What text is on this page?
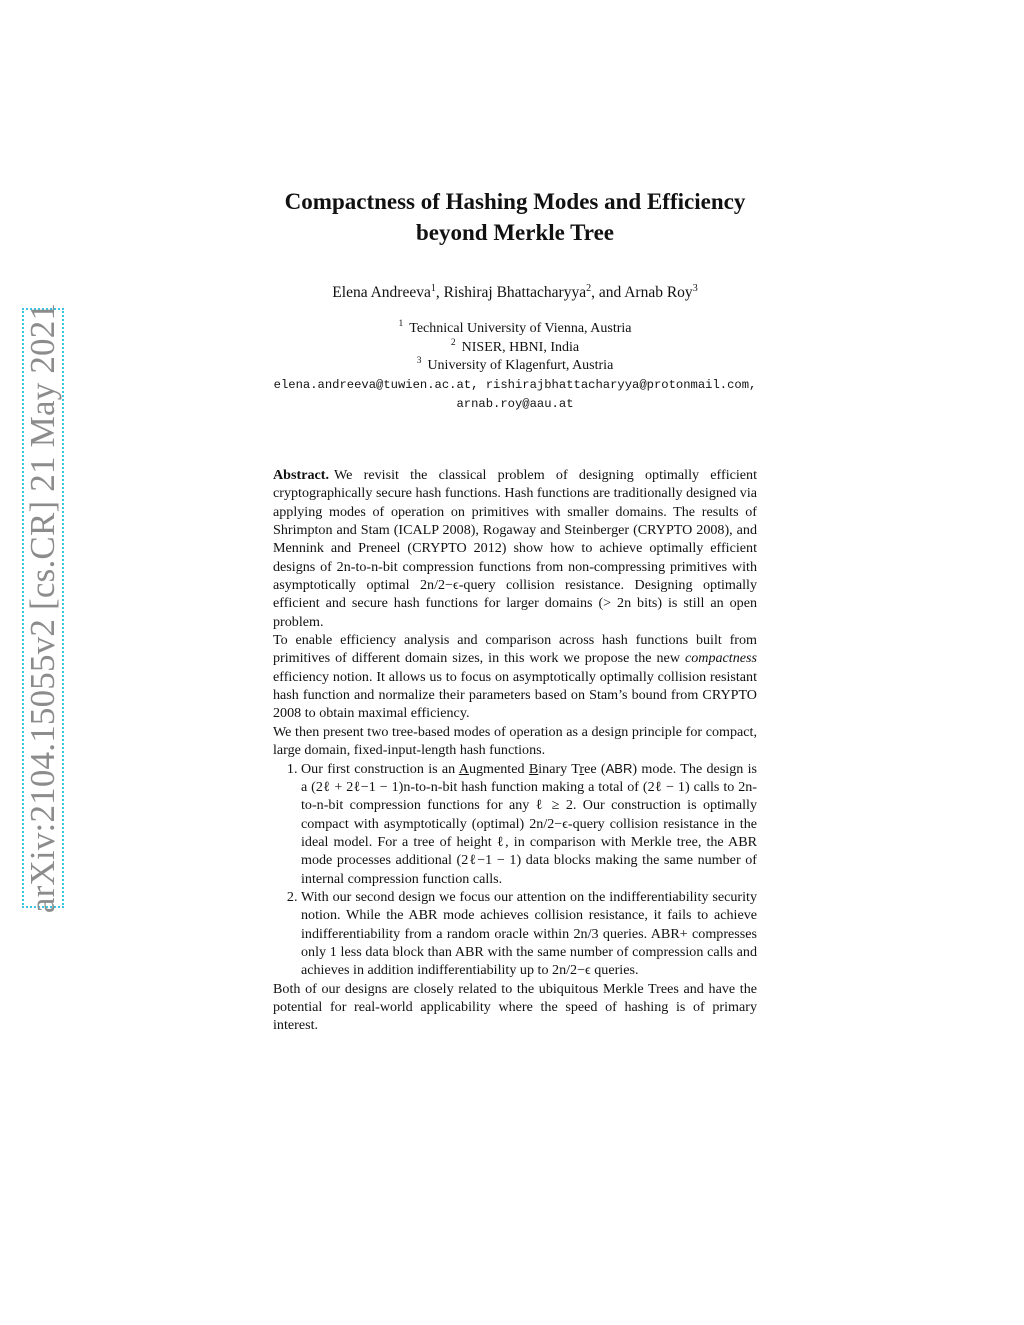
arXiv:2104.15055v2 [cs.CR] 21 May 2021
Compactness of Hashing Modes and Efficiency
beyond Merkle Tree
Elena Andreeva$^1$, Rishiraj Bhattacharyya$^2$, and Arnab Roy$^3$
$^1$ Technical University of Vienna, Austria
$^2$ NISER, HBNI, India
$^3$ University of Klagenfurt, Austria
elena.andreeva@tuwien.ac.at, rishirajbhattacharyya@protonmail.com,
arnab.roy@aau.at

Abstract. We revisit the classical problem of designing optimally efficient cryptographically secure hash functions. Hash functions are traditionally designed via applying modes of operation on primitives with smaller domains. The results of Shrimpton and Stam (ICALP 2008), Rogaway and Steinberger (CRYPTO 2008), and Mennink and Preneel (CRYPTO 2012) show how to achieve optimally efficient designs of 2n-to-n-bit compression functions from non-compressing primitives with asymptotically optimal 2n/2−ϵ-query collision resistance. Designing optimally efficient and secure hash functions for larger domains (> 2n bits) is still an open problem.

To enable efficiency analysis and comparison across hash functions built from primitives of different domain sizes, in this work we propose the new compactness efficiency notion. It allows us to focus on asymptotically optimally collision resistant hash function and normalize their parameters based on Stam’s bound from CRYPTO 2008 to obtain maximal efficiency.

We then present two tree-based modes of operation as a design principle for compact, large domain, fixed-input-length hash functions.

1. Our first construction is an Augmented Binary Tree (ABR) mode. The design is a (2ℓ + 2ℓ−1 − 1)n-to-n-bit hash function making a total of (2ℓ − 1) calls to 2n-to-n-bit compression functions for any ℓ ≥ 2. Our construction is optimally compact with asymptotically (optimal) 2n/2−ϵ-query collision resistance in the ideal model. For a tree of height ℓ, in comparison with Merkle tree, the ABR mode processes additional (2ℓ−1 − 1) data blocks making the same number of internal compression function calls.
2. With our second design we focus our attention on the indifferentiability security notion. While the ABR mode achieves collision resistance, it fails to achieve indifferentiability from a random oracle within 2n/3 queries. ABR+ compresses only 1 less data block than ABR with the same number of compression calls and achieves in addition indifferentiability up to 2n/2−ϵ queries.

Both of our designs are closely related to the ubiquitous Merkle Trees and have the potential for real-world applicability where the speed of hashing is of primary interest.
